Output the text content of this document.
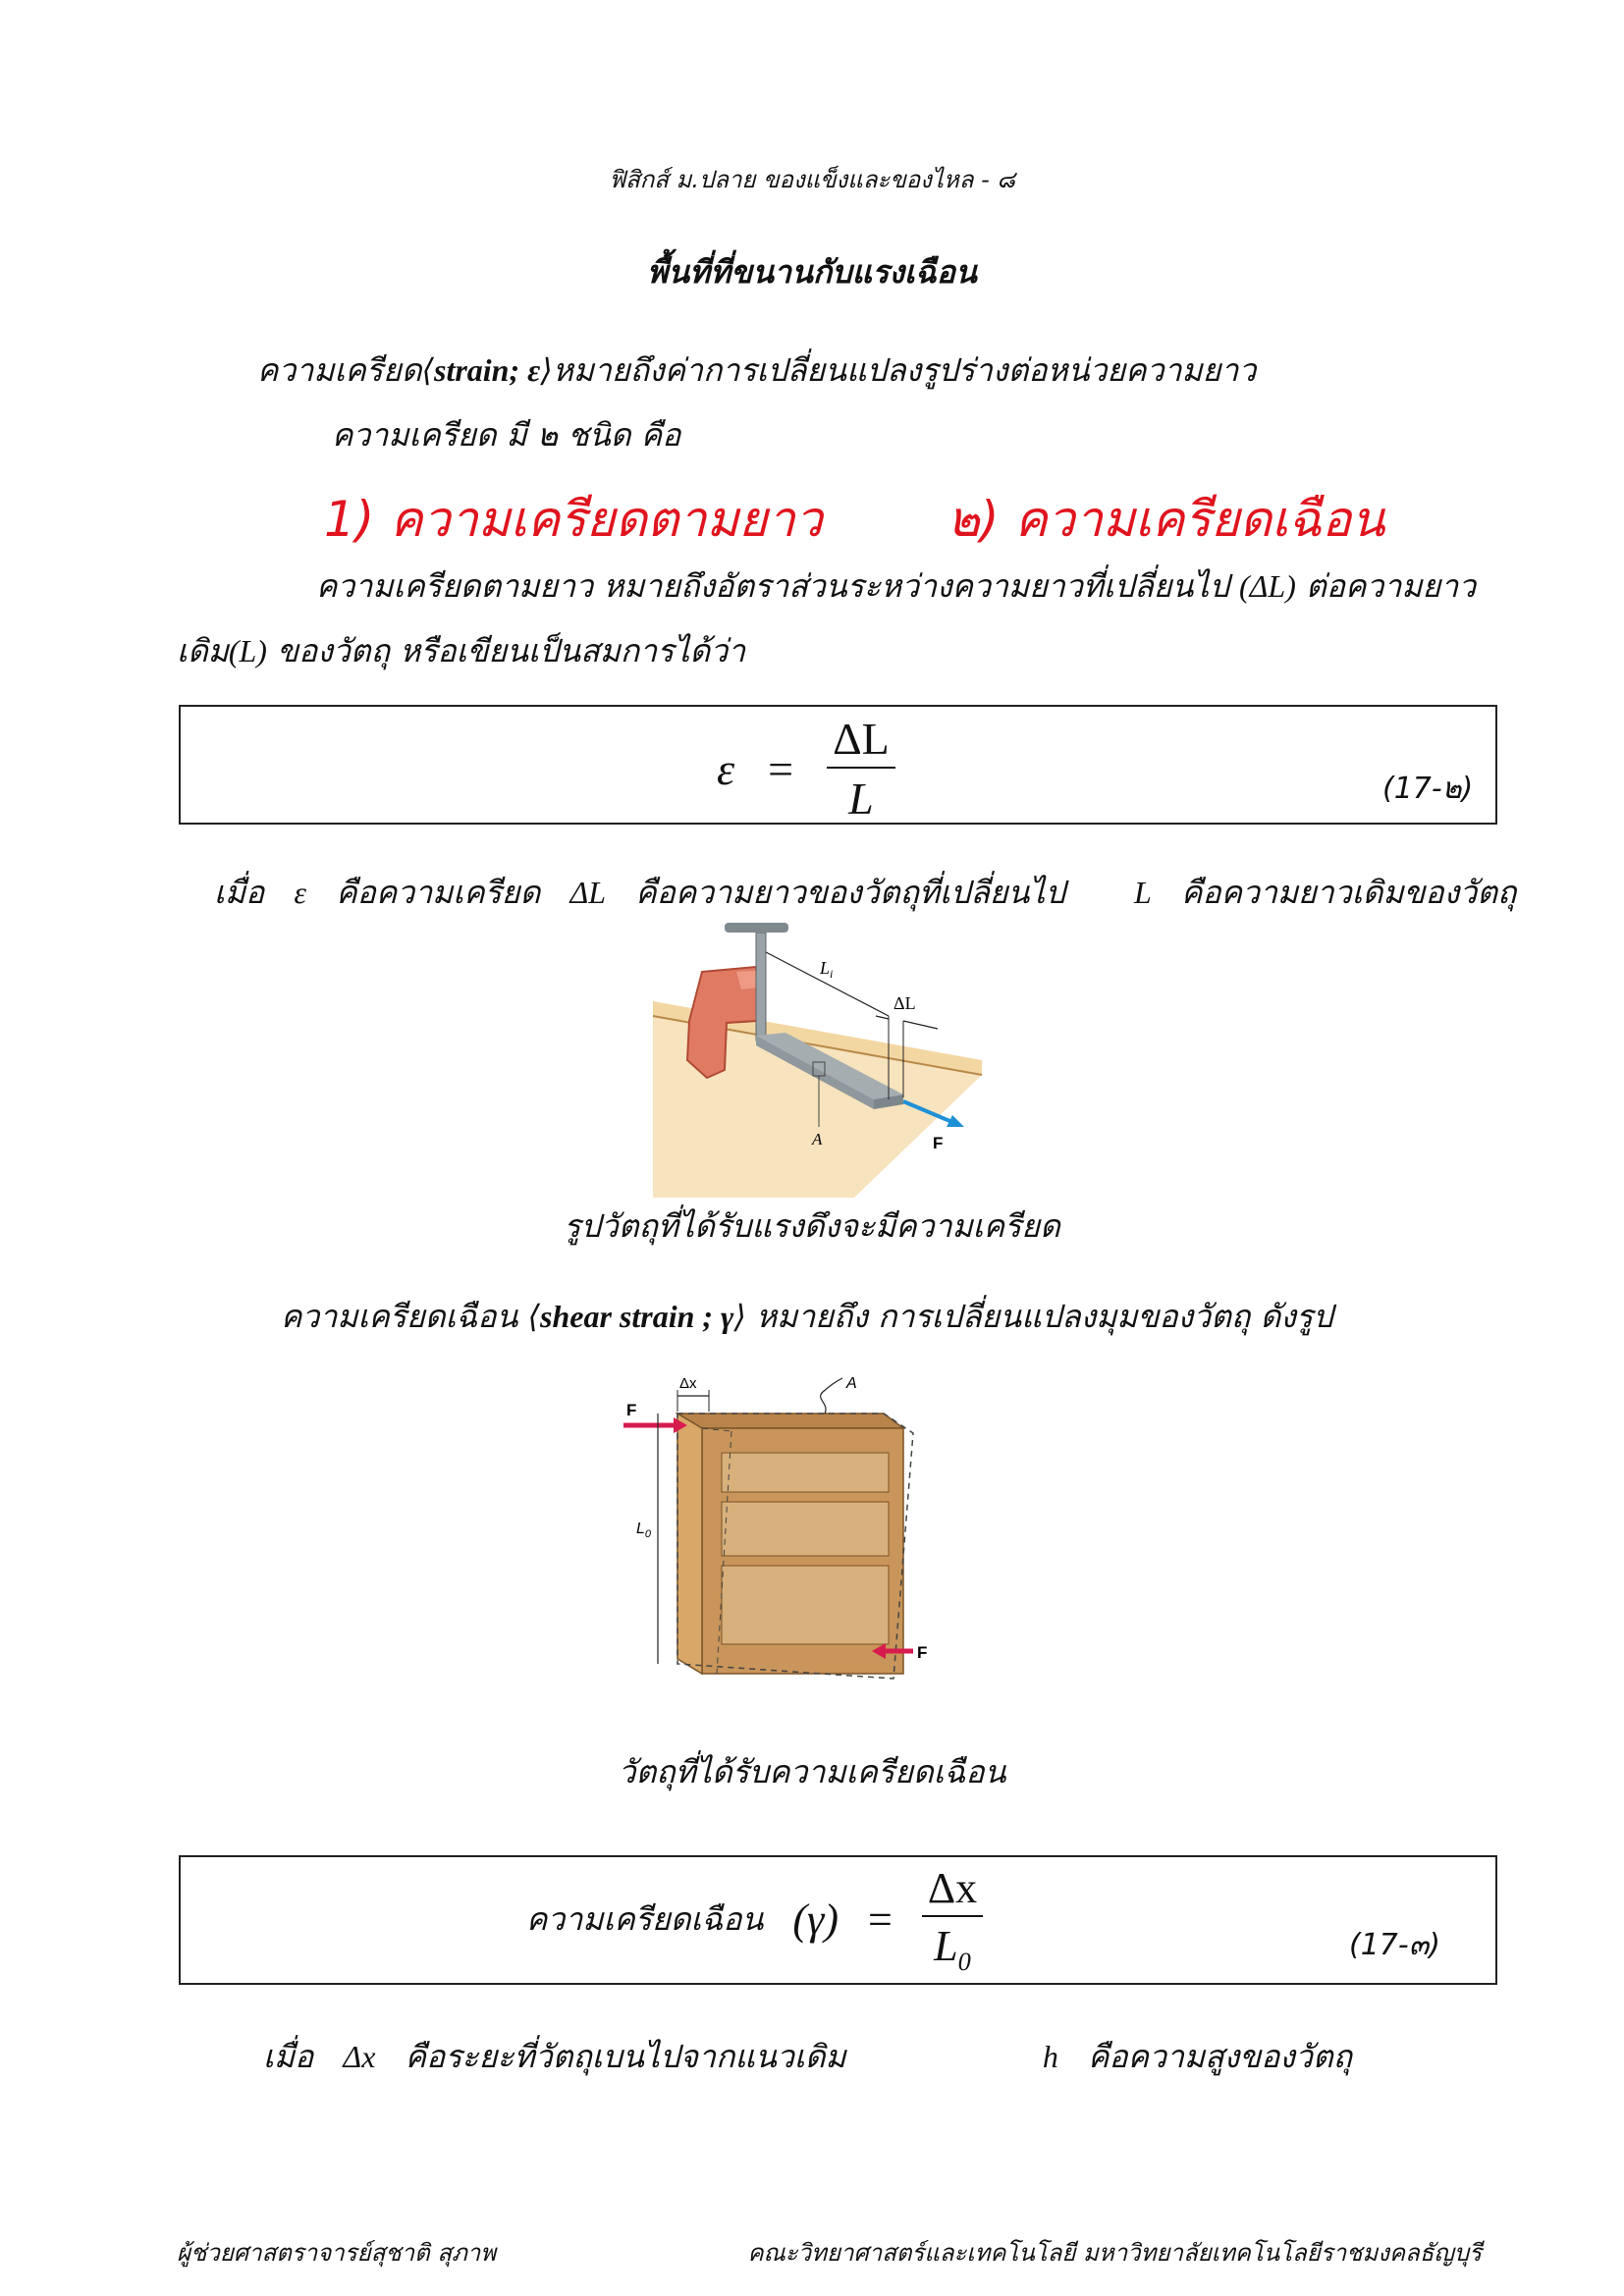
ฟิสิกส์ ม.ปลาย ของแข็งและของไหล - ๘
พื้นที่ที่ขนานกับแรงเฉือน
ความเครียด⟨strain; ε⟩หมายถึงค่าการเปลี่ยนแปลงรูปร่างต่อหน่วยความยาว
ความเครียด มี ๒ ชนิด คือ
1) ความเครียดตามยาว	๒) ความเครียดเฉือน
ความเครียดตามยาว หมายถึงอัตราส่วนระหว่างความยาวที่เปลี่ยนไป (ΔL) ต่อความยาว
เดิม(L) ของวัตถุ หรือเขียนเป็นสมการได้ว่า
$\varepsilon = \frac{\Delta L}{L}$	(17-๒)
เมื่อ ε คือความเครียด ΔL คือความยาวของวัตถุที่เปลี่ยนไป L คือความยาวเดิมของวัตถุ
$L_i$
ΔL
A	F
รูปวัตถุที่ได้รับแรงดึงจะมีความเครียด
ความเครียดเฉือน ⟨shear strain ; γ⟩ หมายถึง การเปลี่ยนแปลงมุมของวัตถุ ดังรูป
Δx	A
F
F
$L_0$
วัตถุที่ได้รับความเครียดเฉือน
ความเครียดเฉือน $(\gamma) = \frac{\Delta x}{L_0}$	(17-๓)
เมื่อ Δx คือระยะที่วัตถุเบนไปจากแนวเดิม	h คือความสูงของวัตถุ
ผู้ช่วยศาสตราจารย์สุชาติ สุภาพ	คณะวิทยาศาสตร์และเทคโนโลยี มหาวิทยาลัยเทคโนโลยีราชมงคลธัญบุรี
